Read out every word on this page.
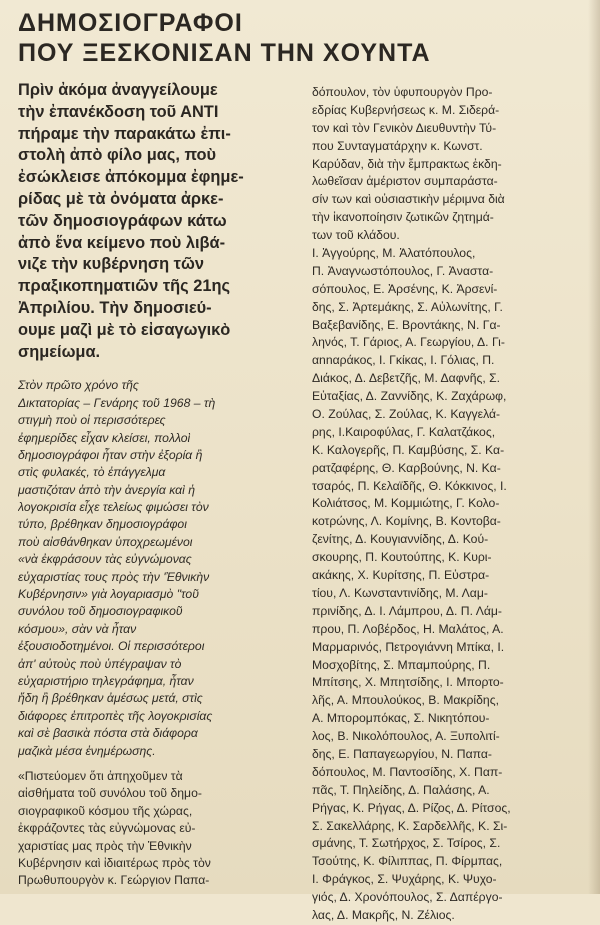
ΔΗΜΟΣΙΟΓΡΑΦΟΙ
ΠΟΥ ΞΕΣΚΟΝΙΣΑΝ ΤΗΝ ΧΟΥΝΤΑ
Πρὶν ἀκόμα ἀναγγείλουμε
τὴν ἐπανέκδοση τοῦ ΑΝΤΙ
πήραμε τὴν παρακάτω ἐπι-
στολὴ ἀπὸ φίλο μας, ποὺ
ἐσώκλεισε ἀπόκομμα ἐφημε-
ρίδας μὲ τὰ ὀνόματα ἀρκε-
τῶν δημοσιογράφων κάτω
ἀπὸ ἕνα κείμενο ποὺ λιβά-
νιζε τὴν κυβέρνηση τῶν
πραξικοπηματιῶν τῆς 21ης
Ἀπριλίου. Τὴν δημοσιεύ-
ουμε μαζὶ μὲ τὸ εἰσαγωγικὸ
σημείωμα.
Στὸν πρῶτο χρόνο τῆς
Δικτατορίας – Γενάρης τοῦ 1968 – τὴ
στιγμὴ ποὺ οἱ περισσότερες
ἐφημερίδες εἶχαν κλείσει, πολλοὶ
δημοσιογράφοι ἦταν στὴν ἐξορία ἢ
στὶς φυλακές, τὸ ἐπάγγελμα
μαστιζόταν ἀπὸ τὴν ἀνεργία καὶ ἡ
λογοκρισία εἶχε τελείως φιμώσει τὸν
τύπο, βρέθηκαν δημοσιογράφοι
ποὺ αἰσθάνθηκαν ὑποχρεωμένοι
«νὰ ἐκφράσουν τὰς εὐγνώμονας
εὐχαριστίας τους πρὸς τὴν 'Ἐθνικὴν
Κυβέρνησιν» γιὰ λογαριασμὸ "τοῦ
συνόλου τοῦ δημοσιογραφικοῦ
κόσμου», σὰν νὰ ἦταν
ἐξουσιοδοτημένοι. Οἱ περισσότεροι
ἀπ' αὐτοὺς ποὺ ὑπέγραψαν τὸ
εὐχαριστήριο τηλεγράφημα, ἦταν
ἤδη ἢ βρέθηκαν ἀμέσως μετά, στὶς
διάφορες ἐπιτροπὲς τῆς λογοκρισίας
καὶ σὲ βασικὰ πόστα στὰ διάφορα
μαζικὰ μέσα ἐνημέρωσης.
«Πιστεύομεν ὅτι ἀπηχοῦμεν τὰ
αἰσθήματα τοῦ συνόλου τοῦ δημο-
σιογραφικοῦ κόσμου τῆς χώρας,
ἐκφράζοντες τὰς εὐγνώμονας εὐ-
χαριστίας μας πρὸς τὴν Ἐθνικὴν
Κυβέρνησιν καὶ ἰδιαιτέρως πρὸς τὸν
Πρωθυπουργὸν κ. Γεώργιον Παπα-
δόπουλον, τὸν ὑφυπουργὸν Προ-
εδρίας Κυβερνήσεως κ. Μ. Σιδερά-
τον καὶ τὸν Γενικὸν Διευθυντὴν Τύ-
που Συνταγματάρχην κ. Κωνστ.
Καρύδαν, διὰ τὴν ἔμπρακτως ἐκδη-
λωθεῖσαν ἀμέριστον συμπαράστα-
σίν των καὶ οὐσιαστικὴν μέριμνα διὰ
τὴν ἱκανοποίησιν ζωτικῶν ζητημά-
των τοῦ κλάδου.
Ι. Ἀγγούρης, Μ. Ἀλατόπουλος,
Π. Ἀναγνωστόπουλος, Γ. Ἀναστα-
σόπουλος, Ε. Ἀρσένης, Κ. Ἀρσενί-
δης, Σ. Ἀρτεμάκης, Σ. Αὐλωνίτης, Γ.
Βαξεβανίδης, Ε. Βροντάκης, Ν. Γα-
ληνός, Τ. Γάριος, Α. Γεωργίου, Δ. Γι-
αnnαράκος, Ι. Γκίκας, Ι. Γόλιας, Π.
Διάκος, Δ. Δεβετζῆς, Μ. Δαφνῆς, Σ.
Εὐταξίας, Δ. Ζαννίδης, Κ. Ζαχάρωφ,
Ο. Ζούλας, Σ. Ζούλας, Κ. Καγγελά-
ρης, Ι.Καιροφύλας, Γ. Καλατζάκος,
Κ. Καλογερῆς, Π. Καμβύσης, Σ. Κα-
ρατζαφέρης, Θ. Καρβούνης, Ν. Κα-
τσαρός, Π. Κελαϊδῆς, Θ. Κόκκινος, Ι.
Κολιάτσος, Μ. Κομμιώτης, Γ. Κολο-
κοτρώνης, Λ. Κομίνης, Β. Κοντοβα-
ζενίτης, Δ. Κουγιαννίδης, Δ. Κού-
σκουρης, Π. Κουτούπης, Κ. Κυρι-
ακάκης, Χ. Κυρίτσης, Π. Εὐστρα-
τίου, Λ. Κωνσταντινίδης, Μ. Λαμ-
πρινίδης, Δ. Ι. Λάμπρου, Δ. Π. Λάμ-
πρου, Π. Λοβέρδος, Η. Μαλάτος, Α.
Μαρμαρινός, Πετρογιάννη Μπίκα, Ι.
Μοσχοβίτης, Σ. Μπαμπούρης, Π.
Μπίτσης, Χ. Μπητσίδης, Ι. Μπορτο-
λῆς, Α. Μπουλούκος, Β. Μακρίδης,
Α. Μπορομπόκας, Σ. Νικητόπου-
λος, Β. Νικολόπουλος, Α. Ξυπολιτί-
δης, Ε. Παπαγεωργίου, Ν. Παπα-
δόπουλος, Μ. Παντοσίδης, Χ. Παπ-
πᾶς, Τ. Πηλείδης, Δ. Παλάσης, Α.
Ρήγας, Κ. Ρήγας, Δ. Ρίζος, Δ. Ρίτσος,
Σ. Σακελλάρης, Κ. Σαρδελλῆς, Κ. Σι-
σμάνης, Τ. Σωτήρχος, Σ. Τσίρος, Σ.
Τσούτης, Κ. Φίλιππας, Π. Φίρμπας,
Ι. Φράγκος, Σ. Ψυχάρης, Κ. Ψυχο-
γιός, Δ. Χρονόπουλος, Σ. Δαπέργο-
λας, Δ. Μακρῆς, Ν. Ζέλιος.
